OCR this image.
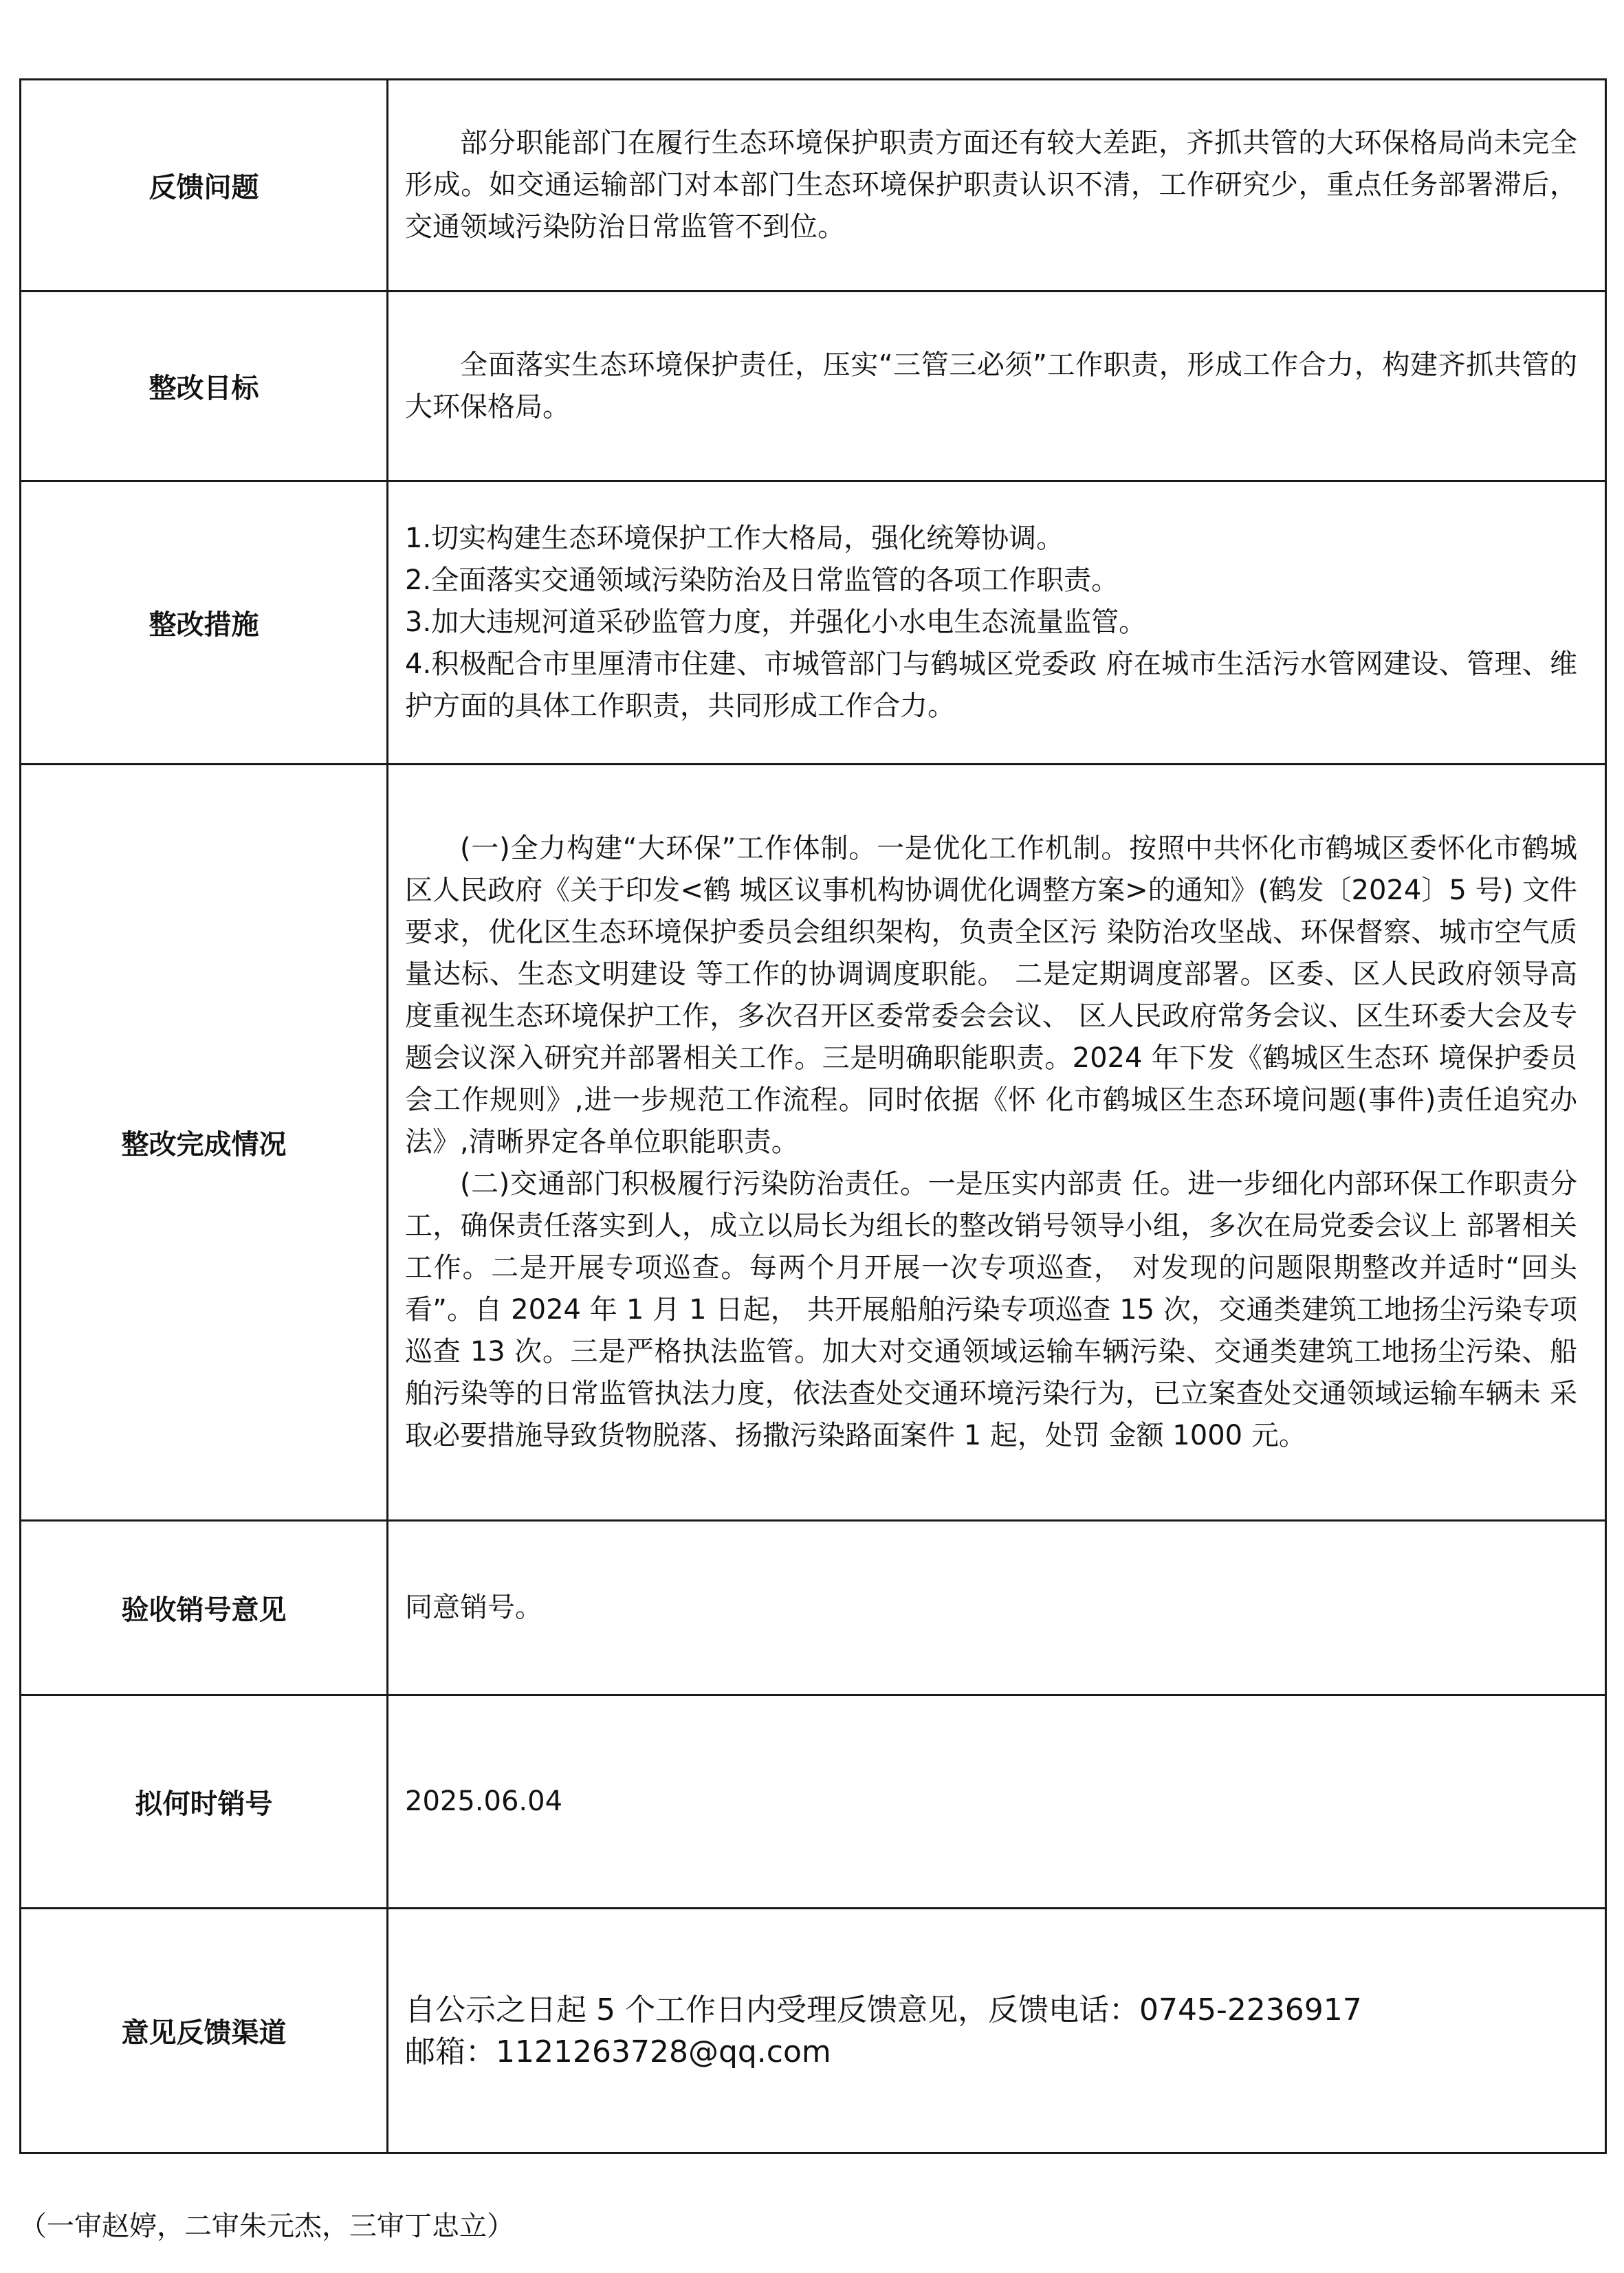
反馈问题	部分职能部门在履行生态环境保护职责方面还有较大差距，齐抓共管的大环保格局尚未完全形成。如交通运输部门对本部门生态环境保护职责认识不清，工作研究少，重点任务部署滞后，交通领域污染防治日常监管不到位。

整改目标	全面落实生态环境保护责任，压实“三管三必须”工作职责，形成工作合力，构建齐抓共管的大环保格局。

整改措施	1.切实构建生态环境保护工作大格局，强化统筹协调。

2.全面落实交通领域污染防治及日常监管的各项工作职责。

3.加大违规河道采砂监管力度，并强化小水电生态流量监管。

4.积极配合市里厘清市住建、市城管部门与鹤城区党委政 府在城市生活污水管网建设、管理、维护方面的具体工作职责，共同形成工作合力。

整改完成情况	(一)全力构建“大环保”工作体制。一是优化工作机制。按照中共怀化市鹤城区委怀化市鹤城区人民政府《关于印发<鹤 城区议事机构协调优化调整方案>的通知》(鹤发〔2024〕5 号) 文件要求，优化区生态环境保护委员会组织架构，负责全区污 染防治攻坚战、环保督察、城市空气质量达标、生态文明建设 等工作的协调调度职能。 二是定期调度部署。区委、区人民政府领导高度重视生态环境保护工作，多次召开区委常委会会议、 区人民政府常务会议、区生环委大会及专题会议深入研究并部署相关工作。三是明确职能职责。2024 年下发《鹤城区生态环 境保护委员会工作规则》,进一步规范工作流程。同时依据《怀 化市鹤城区生态环境问题(事件)责任追究办法》,清晰界定各单位职能职责。

(二)交通部门积极履行污染防治责任。一是压实内部责 任。进一步细化内部环保工作职责分工，确保责任落实到人，成立以局长为组长的整改销号领导小组，多次在局党委会议上 部署相关工作。二是开展专项巡查。每两个月开展一次专项巡查， 对发现的问题限期整改并适时“回头看”。自 2024 年 1 月 1 日起， 共开展船舶污染专项巡查 15 次，交通类建筑工地扬尘污染专项 巡查 13 次。三是严格执法监管。加大对交通领域运输车辆污染、交通类建筑工地扬尘污染、船舶污染等的日常监管执法力度，依法查处交通环境污染行为，已立案查处交通领域运输车辆未 采取必要措施导致货物脱落、扬撒污染路面案件 1 起，处罚 金额 1000 元。

验收销号意见	同意销号。

拟何时销号	2025.06.04

意见反馈渠道	自公示之日起 5 个工作日内受理反馈意见，反馈电话：0745-2236917

邮箱：1121263728@qq.com

（一审赵婷，二审朱元杰，三审丁忠立）
